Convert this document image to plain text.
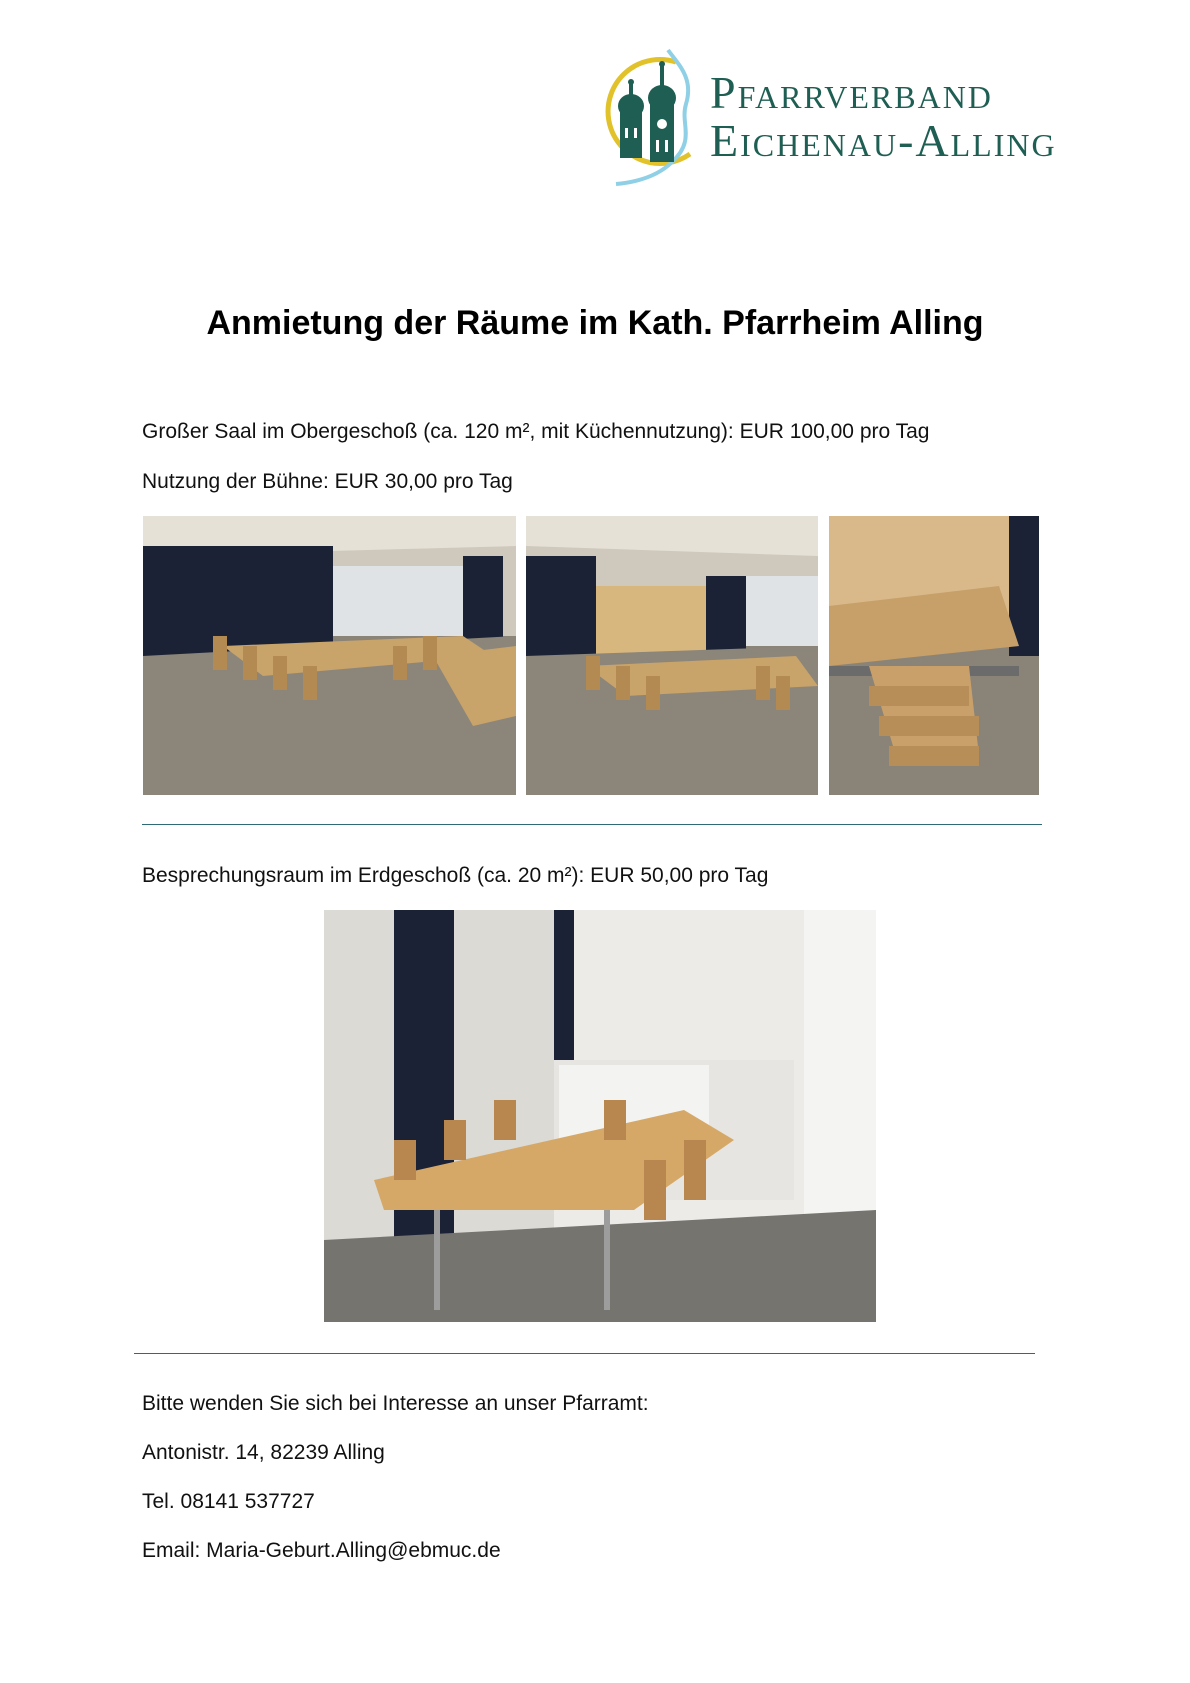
Pfarrverband
Eichenau-Alling
Anmietung der Räume im Kath. Pfarrheim Alling
Großer Saal im Obergeschoß (ca. 120 m², mit Küchennutzung): EUR 100,00 pro Tag
Nutzung der Bühne: EUR 30,00 pro Tag
Besprechungsraum im Erdgeschoß (ca. 20 m²): EUR 50,00 pro Tag
Bitte wenden Sie sich bei Interesse an unser Pfarramt:
Antonistr. 14, 82239 Alling
Tel. 08141 537727
Email: Maria-Geburt.Alling@ebmuc.de
